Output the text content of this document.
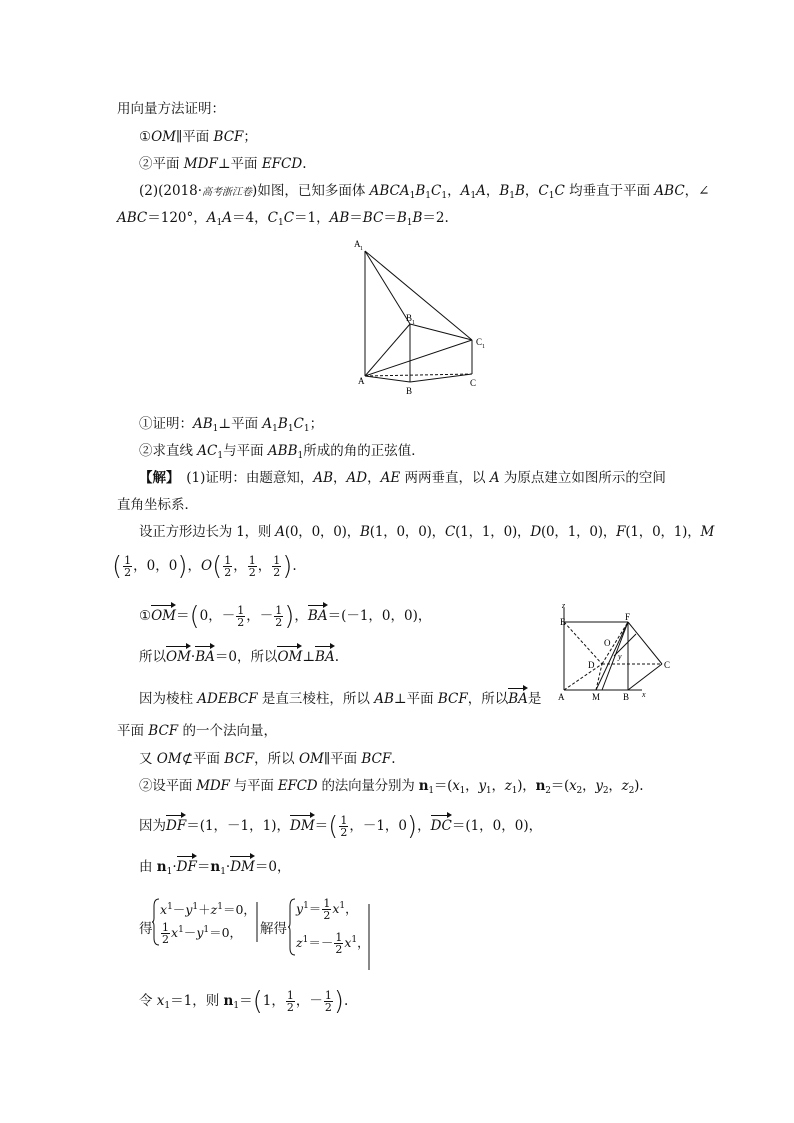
用向量方法证明：
①OM∥平面 BCF；
②平面 MDF⊥平面 EFCD.
(2)(2018·高考浙江卷)如图，已知多面体 $ABCA_1B_1C_1$，$A_1A$，$B_1B$，$C_1C$ 均垂直于平面 ABC，∠
ABC＝120°，$A_1A=4$，$C_1C=1$，$AB=BC=B_1B=2$.
A 1
B 1
C 1
A
B
C
①证明：$AB_1\perp$平面 $A_1B_1C_1$；
②求直线 $AC_1$与平面 $ABB_1$所成的角的正弦值．
【解】　(1)证明：由题意知，AB，AD，AE 两两垂直，以 A 为原点建立如图所示的空间
直角坐标系．
设正方形边长为 1，则 A(0，0，0)，B(1，0，0)，C(1，1，0)，D(0，1，0)，F(1，0，1)，M
( $\frac{1}{2}$ ，0，0)，$O( \frac{1}{2}$ ， $\frac{1}{2}$ ， $\frac{1}{2}$ ).
①OM＝(0，－ $\frac{1}{2}$ ，－ $\frac{1}{2}$ )，BA＝(－1，0，0)，
z
E	F
O
y
D	C
A	M	B x
所以OM·BA＝0，所以OM⊥BA.
因为棱柱 ADEBCF 是直三棱柱，所以 AB⊥平面 BCF，所以BA是
平面 BCF 的一个法向量，
又 OM⊄平面 BCF，所以 OM∥平面 BCF.
②设平面 MDF 与平面 EFCD 的法向量分别为 $n_1=(x_1$，$y_1$，$z_1$)，$n_2=(x_2$，$y_2$，$z_2$).
因为DF＝(1，－1，1)，$DM=( \frac{1}{2}$ ，－1，0)，DC＝(1，0，0)，
由 $n_1\cdot DF=n_1\cdot DM=0$，
得
$x^1-y^1+z^1=0$，
$\frac{1}{2} x^1-y^1=0$， 解得
$y^1= \frac{1}{2} x^1$，
$z^1=- \frac{1}{2} x^1$，
令 $x_1=1$，则 $n_1=(1$， $\frac{1}{2}$ ，－ $\frac{1}{2}$ ).
